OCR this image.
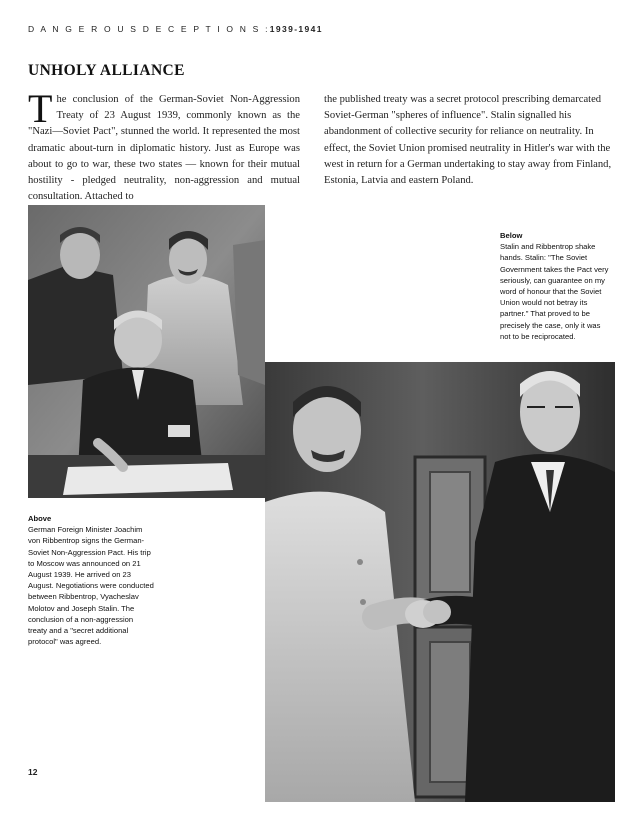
D A N G E R O U S D E C E P T I O N S :1939-1941
UNHOLY ALLIANCE

The conclusion of the German-Soviet Non-Aggression Treaty of 23 August 1939, commonly known as the "Nazi—Soviet Pact", stunned the world. It represented the most dramatic about-turn in diplomatic history. Just as Europe was about to go to war, these two states — known for their mutual hostility - pledged neutrality, non-aggression and mutual consultation. Attached to

the published treaty was a secret protocol prescribing demarcated Soviet-German "spheres of influence". Stalin signalled his abandonment of collective security for reliance on neutrality. In effect, the Soviet Union promised neutrality in Hitler's war with the west in return for a German undertaking to stay away from Finland, Estonia, Latvia and eastern Poland.

Below
Stalin and Ribbentrop shake hands. Stalin: "The Soviet Government takes the Pact very seriously, can guarantee on my word of honour that the Soviet Union would not betray its partner." That proved to be precisely the case, only it was not to be reciprocated.

Above
German Foreign Minister Joachim von Ribbentrop signs the German-Soviet Non-Aggression Pact. His trip to Moscow was announced on 21 August 1939. He arrived on 23 August. Negotiations were conducted between Ribbentrop, Vyacheslav Molotov and Joseph Stalin. The conclusion of a non-aggression treaty and a "secret additional protocol" was agreed.

12
